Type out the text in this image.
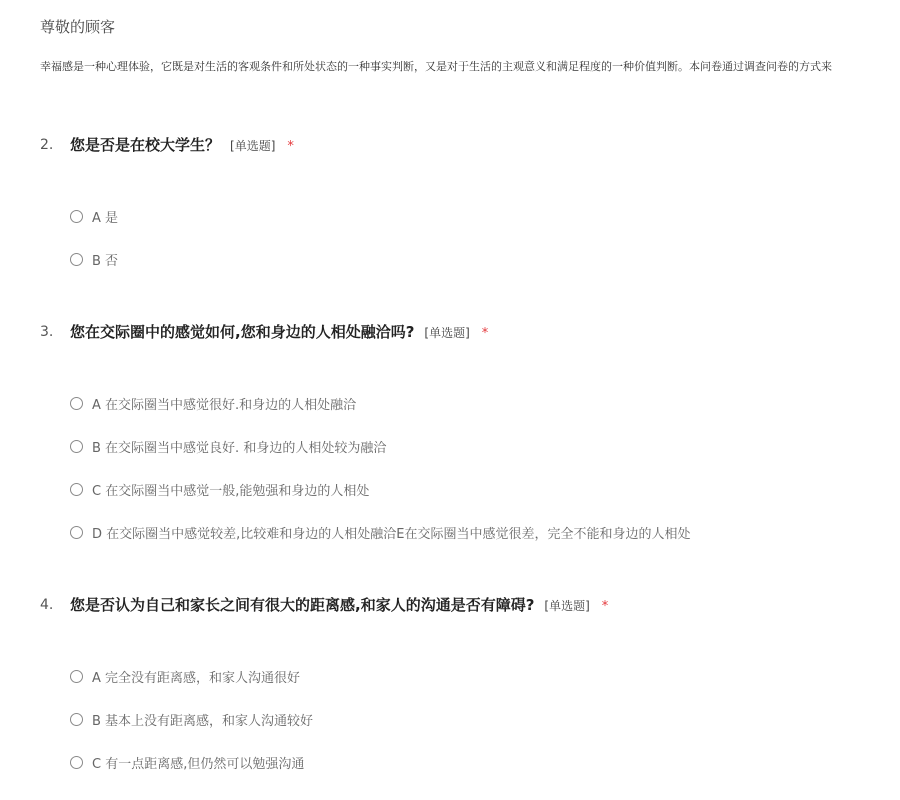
尊敬的顾客
幸福感是一种心理体验，它既是对生活的客观条件和所处状态的一种事实判断，又是对于生活的主观意义和满足程度的一种价值判断。本问卷通过调查问卷的方式来
2. 您是否是在校大学生？ [单选题] *
A 是
B 否
3. 您在交际圈中的感觉如何,您和身边的人相处融洽吗? [单选题] *
A 在交际圈当中感觉很好.和身边的人相处融洽
B 在交际圈当中感觉良好. 和身边的人相处较为融洽
C 在交际圈当中感觉一般,能勉强和身边的人相处
D 在交际圈当中感觉较差,比较难和身边的人相处融洽E在交际圈当中感觉很差，完全不能和身边的人相处
4. 您是否认为自己和家长之间有很大的距离感,和家人的沟通是否有障碍? [单选题] *
A 完全没有距离感，和家人沟通很好
B 基本上没有距离感，和家人沟通较好
C 有一点距离感,但仍然可以勉强沟通
